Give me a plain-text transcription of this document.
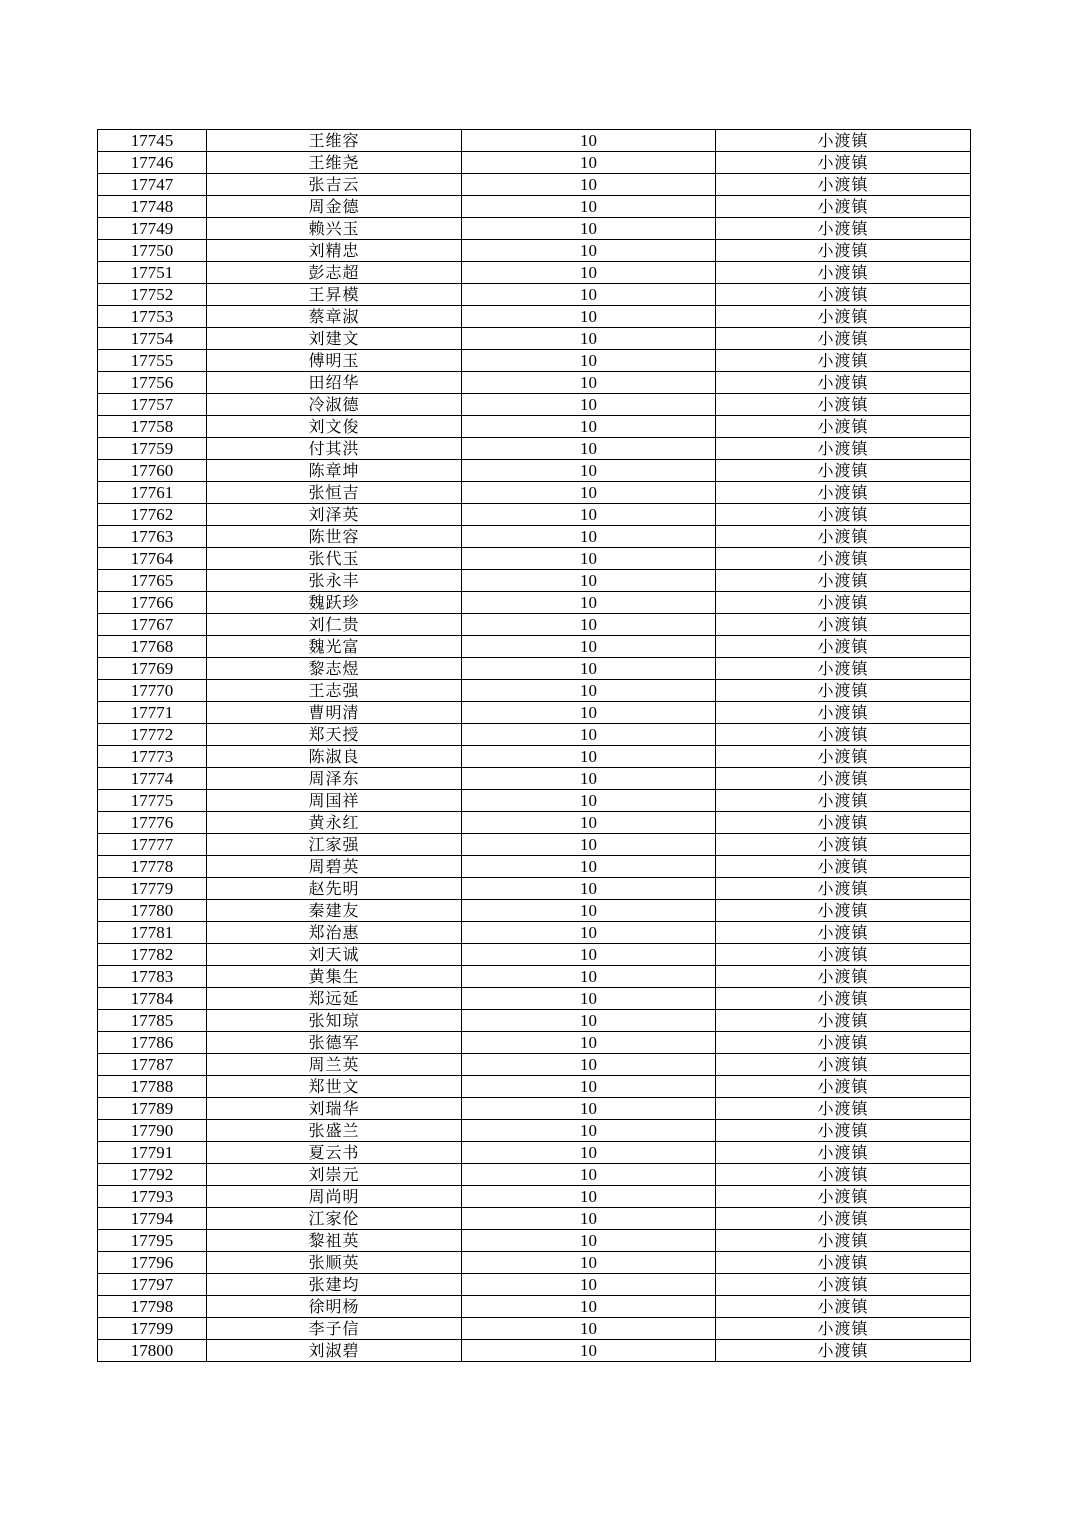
17745	王维容	10	小渡镇
17746	王维尧	10	小渡镇
17747	张吉云	10	小渡镇
17748	周金德	10	小渡镇
17749	赖兴玉	10	小渡镇
17750	刘精忠	10	小渡镇
17751	彭志超	10	小渡镇
17752	王昇模	10	小渡镇
17753	蔡章淑	10	小渡镇
17754	刘建文	10	小渡镇
17755	傅明玉	10	小渡镇
17756	田绍华	10	小渡镇
17757	冷淑德	10	小渡镇
17758	刘文俊	10	小渡镇
17759	付其洪	10	小渡镇
17760	陈章坤	10	小渡镇
17761	张恒吉	10	小渡镇
17762	刘泽英	10	小渡镇
17763	陈世容	10	小渡镇
17764	张代玉	10	小渡镇
17765	张永丰	10	小渡镇
17766	魏跃珍	10	小渡镇
17767	刘仁贵	10	小渡镇
17768	魏光富	10	小渡镇
17769	黎志煜	10	小渡镇
17770	王志强	10	小渡镇
17771	曹明清	10	小渡镇
17772	郑天授	10	小渡镇
17773	陈淑良	10	小渡镇
17774	周泽东	10	小渡镇
17775	周国祥	10	小渡镇
17776	黄永红	10	小渡镇
17777	江家强	10	小渡镇
17778	周碧英	10	小渡镇
17779	赵先明	10	小渡镇
17780	秦建友	10	小渡镇
17781	郑治惠	10	小渡镇
17782	刘天诚	10	小渡镇
17783	黄集生	10	小渡镇
17784	郑远延	10	小渡镇
17785	张知琼	10	小渡镇
17786	张德军	10	小渡镇
17787	周兰英	10	小渡镇
17788	郑世文	10	小渡镇
17789	刘瑞华	10	小渡镇
17790	张盛兰	10	小渡镇
17791	夏云书	10	小渡镇
17792	刘崇元	10	小渡镇
17793	周尚明	10	小渡镇
17794	江家伦	10	小渡镇
17795	黎祖英	10	小渡镇
17796	张顺英	10	小渡镇
17797	张建均	10	小渡镇
17798	徐明杨	10	小渡镇
17799	李子信	10	小渡镇
17800	刘淑碧	10	小渡镇
